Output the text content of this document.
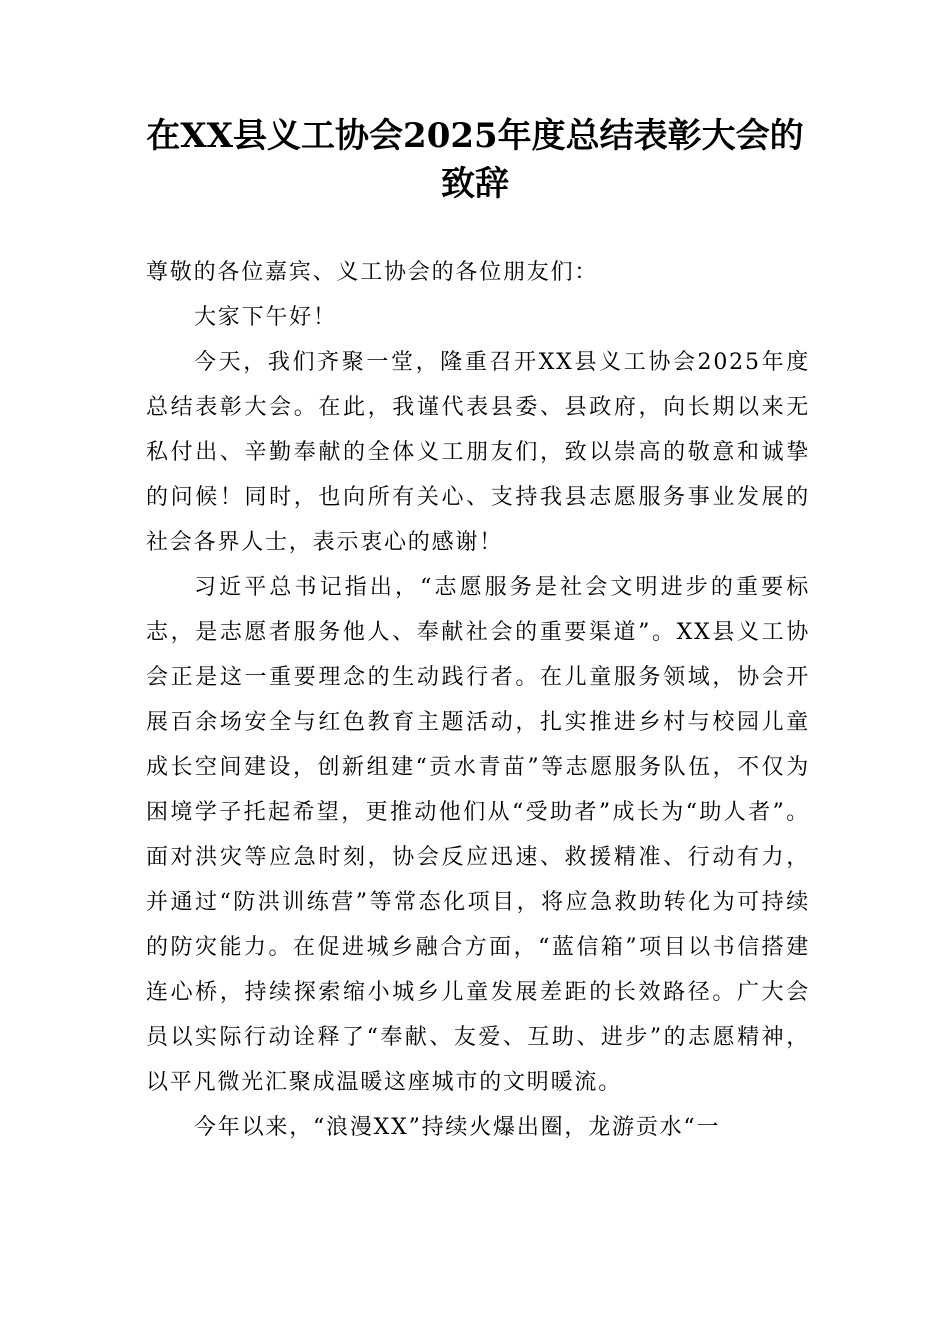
在XX县义工协会2025年度总结表彰大会的致辞

尊敬的各位嘉宾、义工协会的各位朋友们：

大家下午好！

今天，我们齐聚一堂，隆重召开XX县义工协会2025年度总结表彰大会。在此，我谨代表县委、县政府，向长期以来无私付出、辛勤奉献的全体义工朋友们，致以崇高的敬意和诚挚的问候！同时，也向所有关心、支持我县志愿服务事业发展的社会各界人士，表示衷心的感谢！

习近平总书记指出，“志愿服务是社会文明进步的重要标志，是志愿者服务他人、奉献社会的重要渠道”。XX县义工协会正是这一重要理念的生动践行者。在儿童服务领域，协会开展百余场安全与红色教育主题活动，扎实推进乡村与校园儿童成长空间建设，创新组建“贡水青苗”等志愿服务队伍，不仅为困境学子托起希望，更推动他们从“受助者”成长为“助人者”。面对洪灾等应急时刻，协会反应迅速、救援精准、行动有力，并通过“防洪训练营”等常态化项目，将应急救助转化为可持续的防灾能力。在促进城乡融合方面，“蓝信箱”项目以书信搭建连心桥，持续探索缩小城乡儿童发展差距的长效路径。广大会员以实际行动诠释了“奉献、友爱、互助、进步”的志愿精神，以平凡微光汇聚成温暖这座城市的文明暖流。

今年以来，“浪漫XX”持续火爆出圈，龙游贡水“一
